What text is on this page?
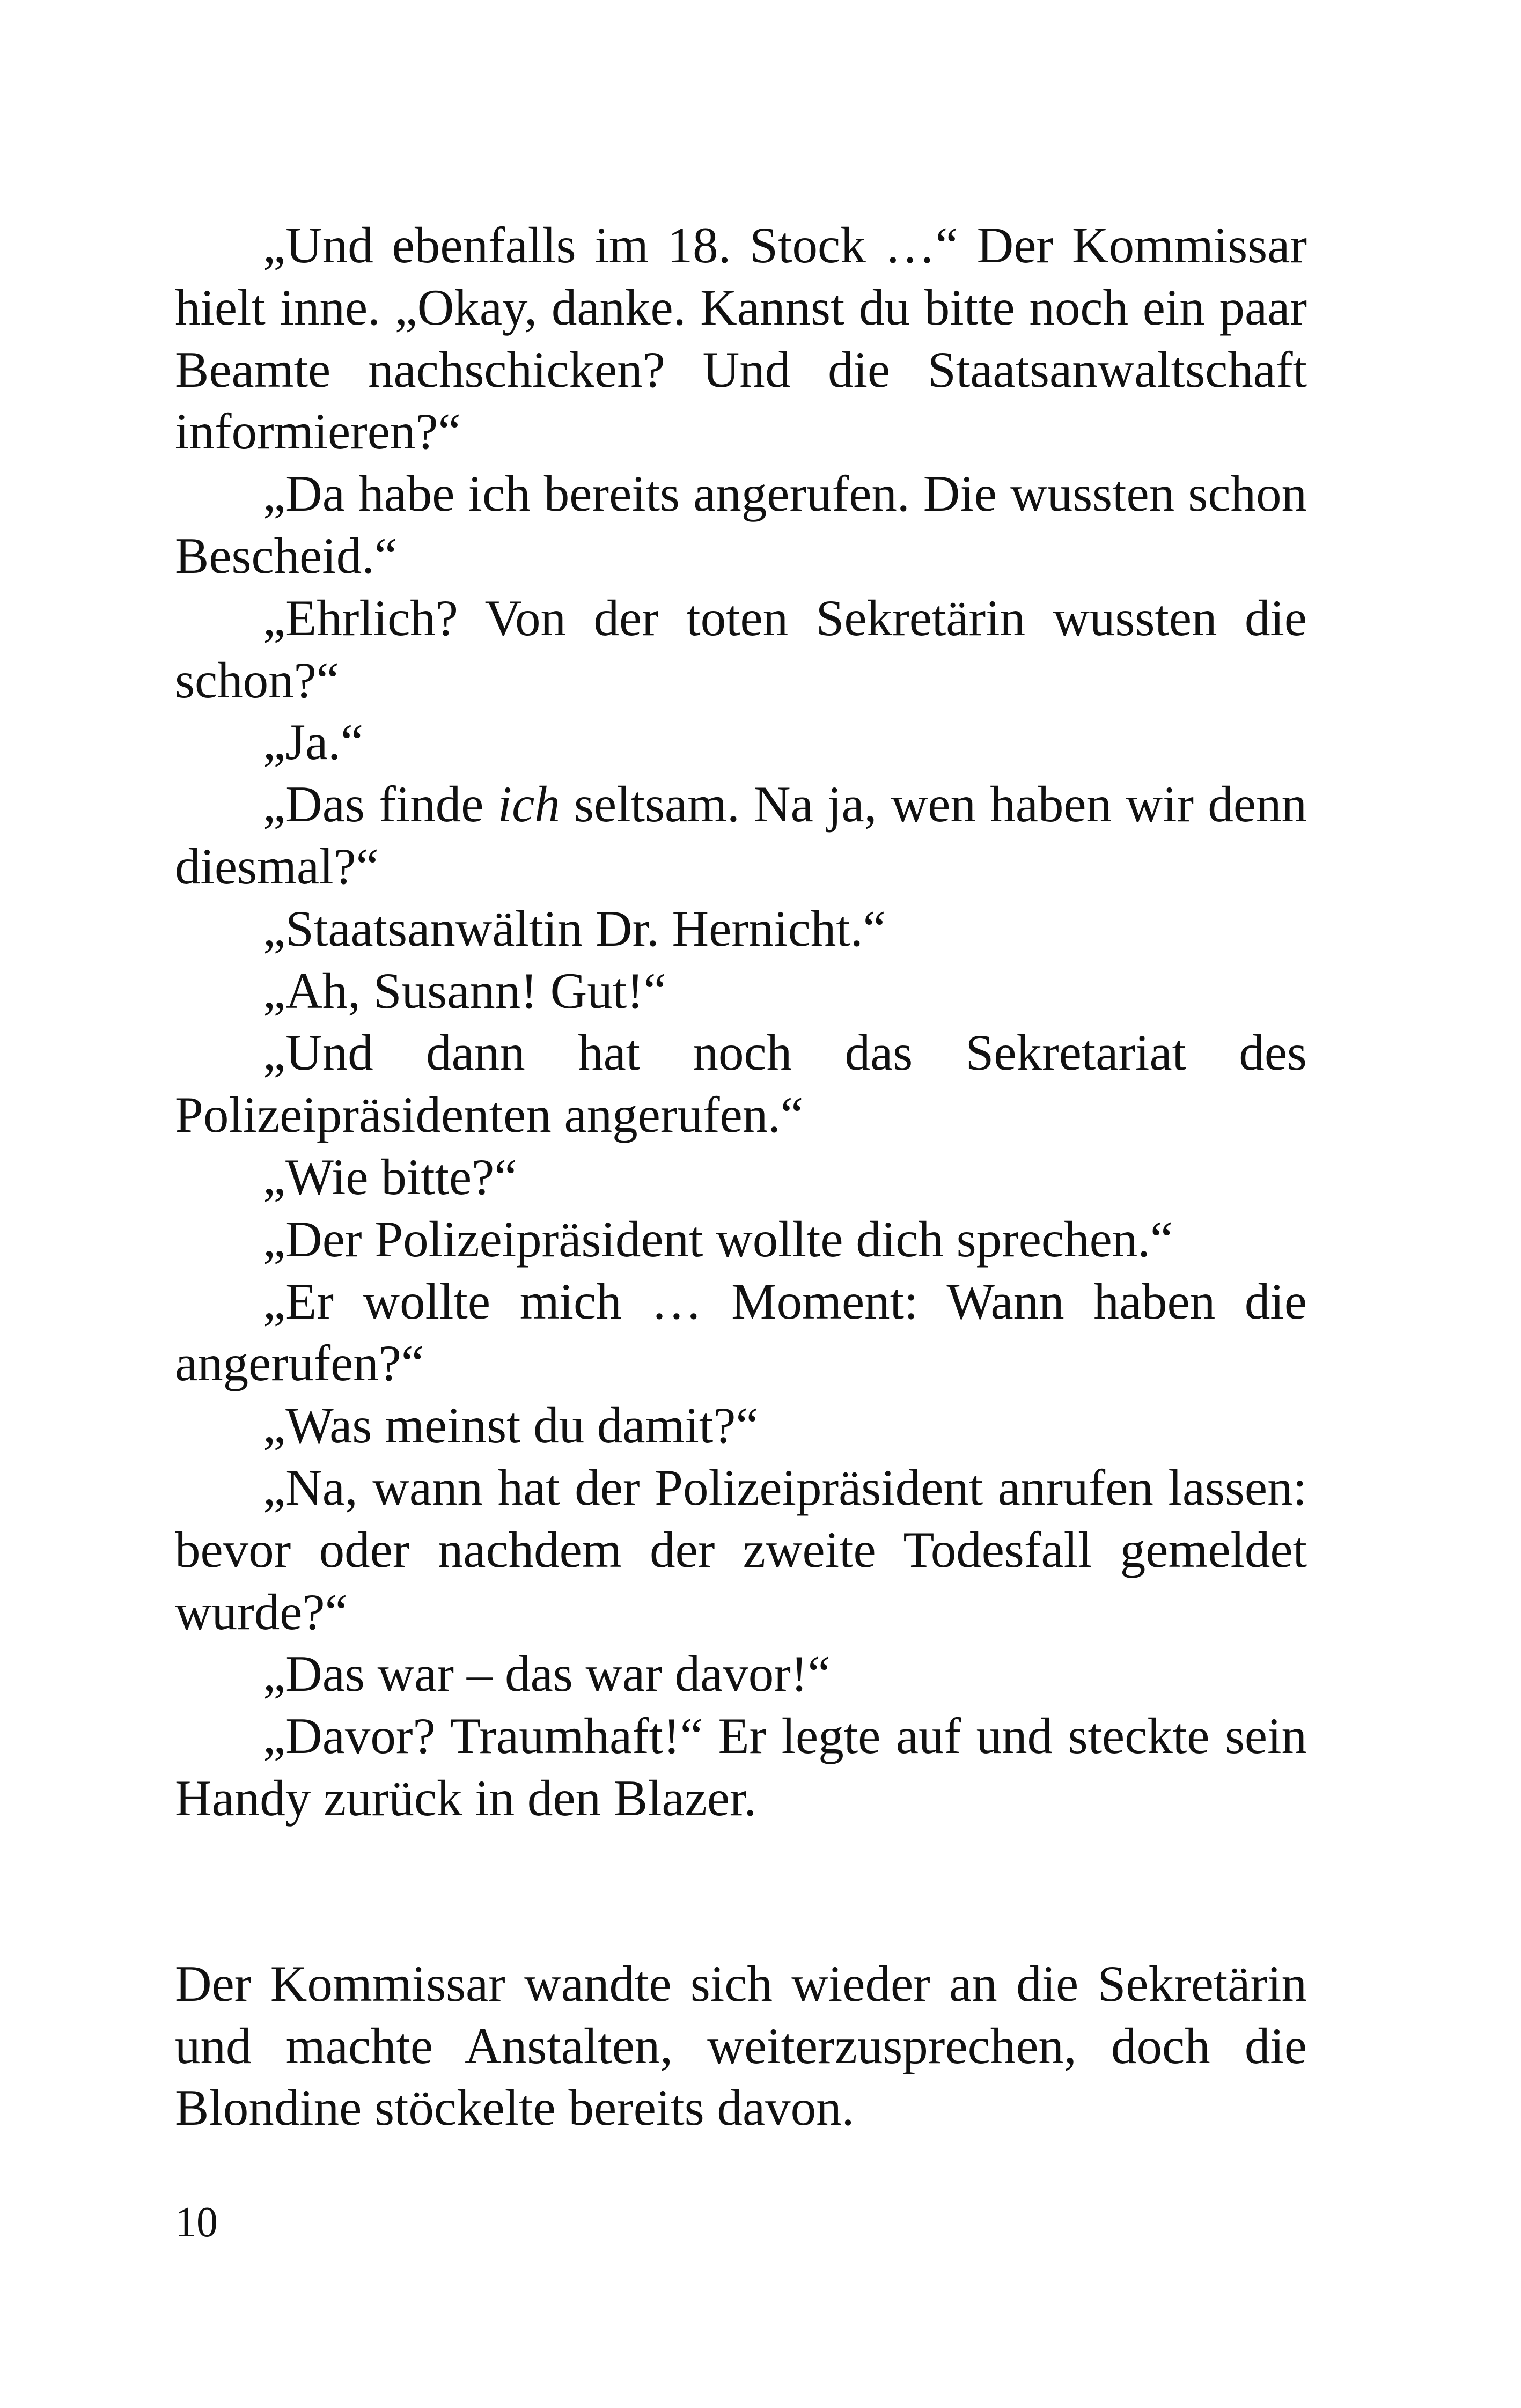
„Und ebenfalls im 18. Stock …“ Der Kommissar hielt inne. „Okay, danke. Kannst du bitte noch ein paar Beamte nachschicken? Und die Staatsanwaltschaft informieren?“

„Da habe ich bereits angerufen. Die wussten schon Bescheid.“

„Ehrlich? Von der toten Sekretärin wussten die schon?“

„Ja.“

„Das finde ich seltsam. Na ja, wen haben wir denn diesmal?“

„Staatsanwältin Dr. Hernicht.“

„Ah, Susann! Gut!“

„Und dann hat noch das Sekretariat des Polizeipräsidenten angerufen.“

„Wie bitte?“

„Der Polizeipräsident wollte dich sprechen.“

„Er wollte mich … Moment: Wann haben die angerufen?“

„Was meinst du damit?“

„Na, wann hat der Polizeipräsident anrufen lassen: bevor oder nachdem der zweite Todesfall gemeldet wurde?“

„Das war – das war davor!“

„Davor? Traumhaft!“ Er legte auf und steckte sein Handy zurück in den Blazer.

Der Kommissar wandte sich wieder an die Sekretärin und machte Anstalten, weiterzusprechen, doch die Blondine stöckelte bereits davon.

10
